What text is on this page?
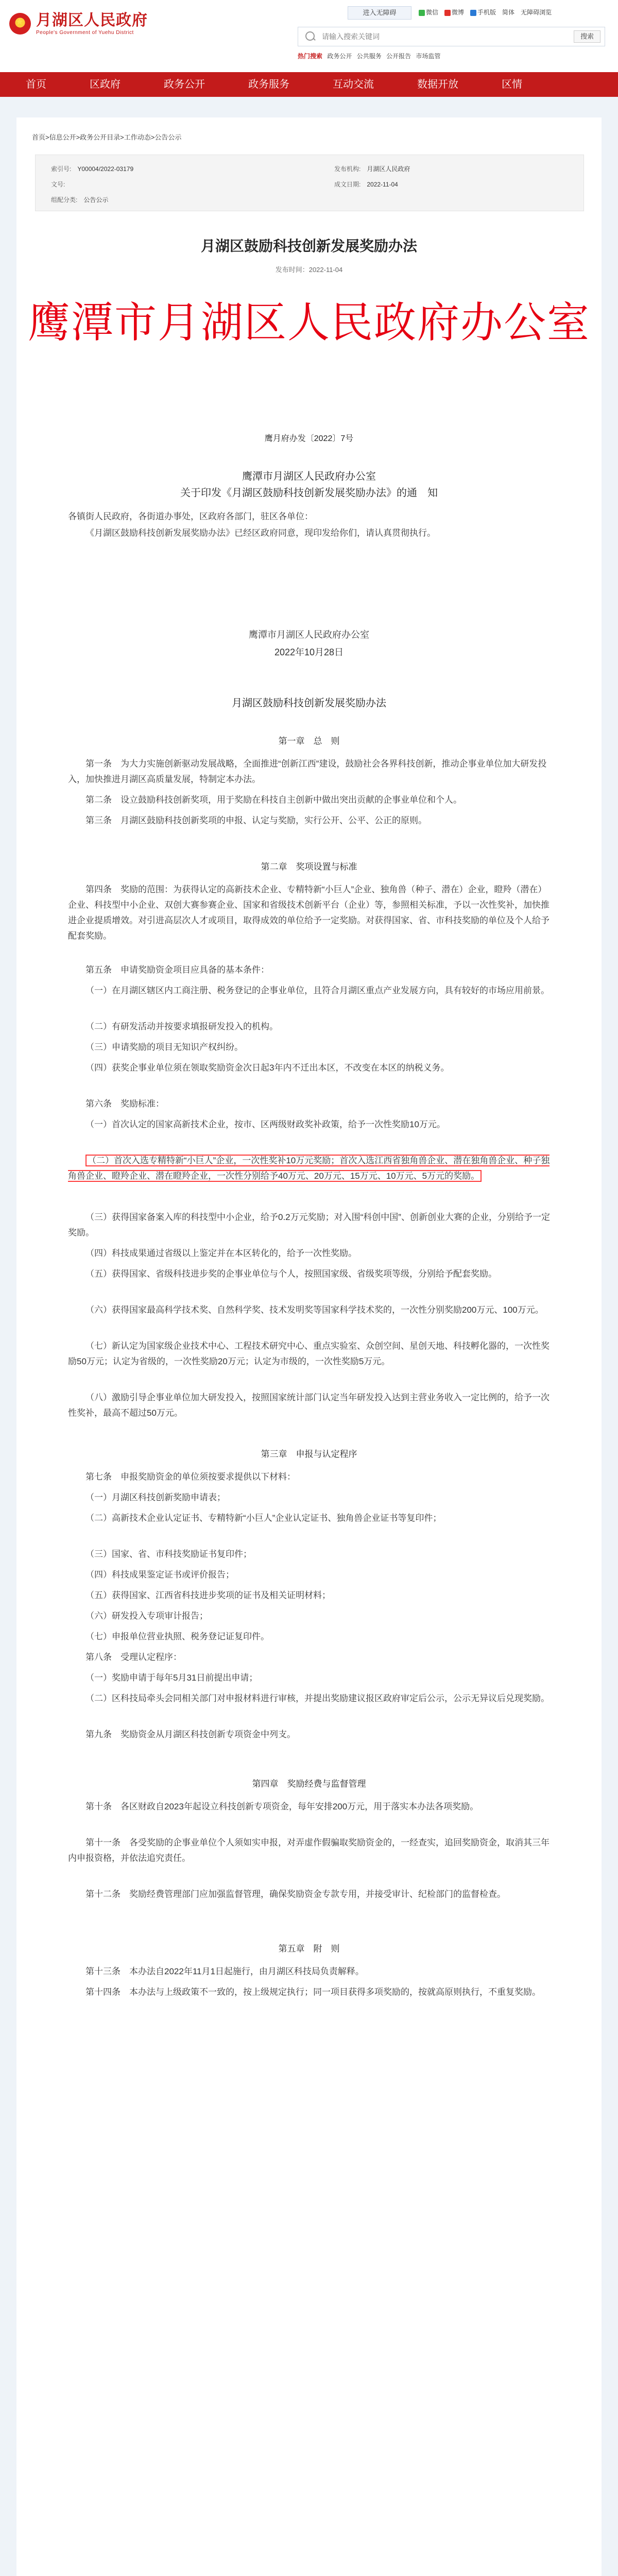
★
月湖区人民政府
People's Government of Yuehu District
进入无障碍	微信	微博	手机版 简体 无障碍浏览
请输入搜索关键词
搜索
热门搜索 政务公开 公共服务 公开报告 市场监管
首页	区政府	政务公开	政务服务	互动交流	数据开放	区情
首页>信息公开>政务公开目录>工作动态>公告公示
索引号: Y00004/2022-03179	发布机构: 月湖区人民政府
文号:	成文日期: 2022-11-04
组配分类: 公告公示
月湖区鼓励科技创新发展奖励办法
发布时间：2022-11-04
鹰潭市月湖区人民政府办公室
鹰月府办发〔2022〕7号
鹰潭市月湖区人民政府办公室
关于印发《月湖区鼓励科技创新发展奖励办法》的通　知
各镇街人民政府，各街道办事处，区政府各部门，驻区各单位：
《月湖区鼓励科技创新发展奖励办法》已经区政府同意，现印发给你们，请认真贯彻执行。
鹰潭市月湖区人民政府办公室
2022年10月28日
月湖区鼓励科技创新发展奖励办法
第一章　总　则
第一条　为大力实施创新驱动发展战略，全面推进“创新江西”建设，鼓励社会各界科技创新，推动企事业单位加大研发投入，加快推进月湖区高质量发展，特制定本办法。
第二条　设立鼓励科技创新奖项，用于奖励在科技自主创新中做出突出贡献的企事业单位和个人。
第三条　月湖区鼓励科技创新奖项的申报、认定与奖励，实行公开、公平、公正的原则。
第二章　奖项设置与标准
第四条　奖励的范围：为获得认定的高新技术企业、专精特新“小巨人”企业、独角兽（种子、潜在）企业，瞪羚（潜在）企业、科技型中小企业、双创大赛参赛企业、国家和省级技术创新平台（企业）等，参照相关标准，予以一次性奖补，加快推进企业提质增效。对引进高层次人才或项目，取得成效的单位给予一定奖励。对获得国家、省、市科技奖励的单位及个人给予配套奖励。
第五条　申请奖励资金项目应具备的基本条件：
（一）在月湖区辖区内工商注册、税务登记的企事业单位，且符合月湖区重点产业发展方向，具有较好的市场应用前景。
（二）有研发活动并按要求填报研发投入的机构。
（三）申请奖励的项目无知识产权纠纷。
（四）获奖企事业单位须在领取奖励资金次日起3年内不迁出本区，不改变在本区的纳税义务。
第六条　奖励标准：
（一）首次认定的国家高新技术企业，按市、区两级财政奖补政策，给予一次性奖励10万元。
（二）首次入选专精特新“小巨人”企业，一次性奖补10万元奖励；首次入选江西省独角兽企业、潜在独角兽企业、种子独角兽企业、瞪羚企业、潜在瞪羚企业，一次性分别给予40万元、20万元、15万元、10万元、5万元的奖励。
（三）获得国家备案入库的科技型中小企业，给予0.2万元奖励；对入围“科创中国”、创新创业大赛的企业，分别给予一定奖励。
（四）科技成果通过省级以上鉴定并在本区转化的，给予一次性奖励。
（五）获得国家、省级科技进步奖的企事业单位与个人，按照国家级、省级奖项等级，分别给予配套奖励。
（六）获得国家最高科学技术奖、自然科学奖、技术发明奖等国家科学技术奖的，一次性分别奖励200万元、100万元。
（七）新认定为国家级企业技术中心、工程技术研究中心、重点实验室、众创空间、星创天地、科技孵化器的，一次性奖励50万元；认定为省级的，一次性奖励20万元；认定为市级的，一次性奖励5万元。
（八）激励引导企事业单位加大研发投入，按照国家统计部门认定当年研发投入达到主营业务收入一定比例的，给予一次性奖补，最高不超过50万元。
第三章　申报与认定程序
第七条　申报奖励资金的单位须按要求提供以下材料：
（一）月湖区科技创新奖励申请表；
（二）高新技术企业认定证书、专精特新“小巨人”企业认定证书、独角兽企业证书等复印件；
（三）国家、省、市科技奖励证书复印件；
（四）科技成果鉴定证书或评价报告；
（五）获得国家、江西省科技进步奖项的证书及相关证明材料；
（六）研发投入专项审计报告；
（七）申报单位营业执照、税务登记证复印件。
第八条　受理认定程序：
（一）奖励申请于每年5月31日前提出申请；
（二）区科技局牵头会同相关部门对申报材料进行审核，并提出奖励建议报区政府审定后公示，公示无异议后兑现奖励。
第九条　奖励资金从月湖区科技创新专项资金中列支。
第四章　奖励经费与监督管理
第十条　各区财政自2023年起设立科技创新专项资金，每年安排200万元，用于落实本办法各项奖励。
第十一条　各受奖励的企事业单位个人须如实申报，对弄虚作假骗取奖励资金的，一经查实，追回奖励资金，取消其三年内申报资格，并依法追究责任。
第十二条　奖励经费管理部门应加强监督管理，确保奖励资金专款专用，并接受审计、纪检部门的监督检查。
第五章　附　则
第十三条　本办法自2022年11月1日起施行，由月湖区科技局负责解释。
第十四条　本办法与上级政策不一致的，按上级规定执行；同一项目获得多项奖励的，按就高原则执行，不重复奖励。
